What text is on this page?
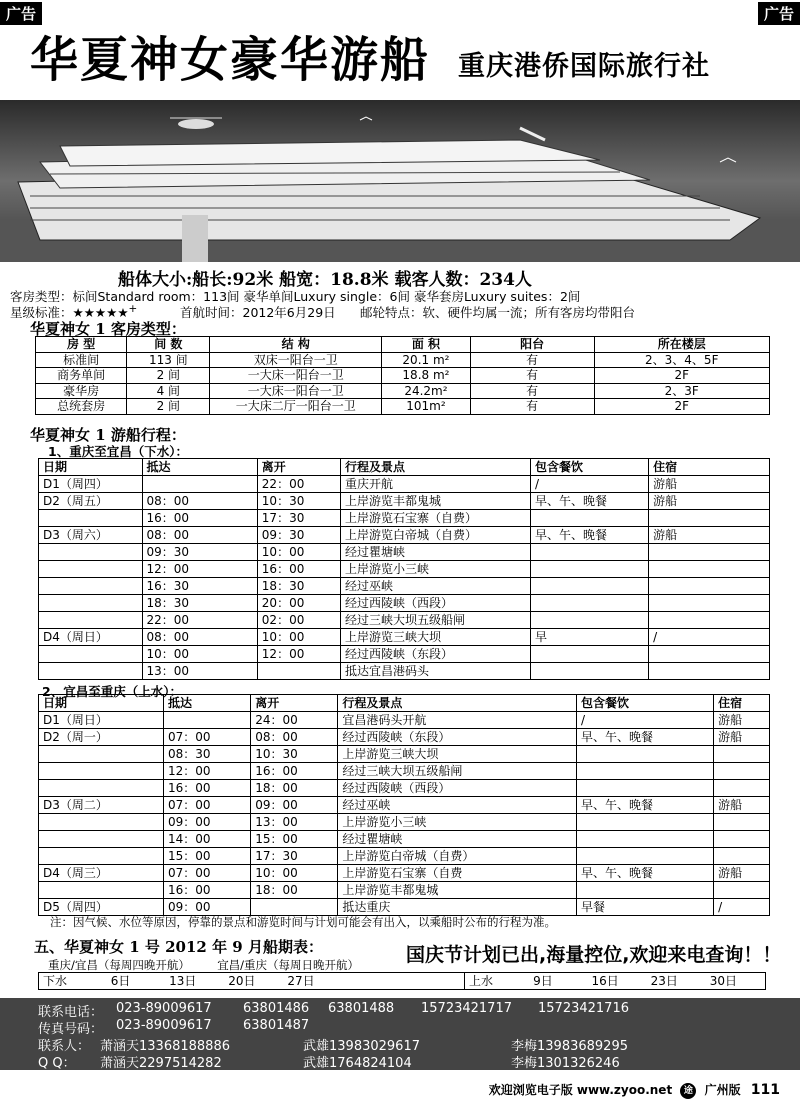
广告	广告
华夏神女豪华游船 重庆港侨国际旅行社
船体大小:船长:92米 船宽：18.8米 载客人数：234人
客房类型：标间Standard room：113间 豪华单间Luxury single：6间 豪华套房Luxury suites：2间
星级标准：★★★★★+	首航时间：2012年6月29日 邮轮特点：软、硬件均属一流；所有客房均带阳台
华夏神女 1 客房类型：
房 型	间 数	结 构	面 积	阳台	所在楼层
标准间	113 间	双床一阳台一卫	20.1 m²	有	2、3、4、5F
商务单间	2 间	一大床一阳台一卫	18.8 m²	有	2F
豪华房	4 间	一大床一阳台一卫	24.2m²	有	2、3F
总统套房	2 间	一大床二厅一阳台一卫	101m²	有	2F
华夏神女 1 游船行程：
1、重庆至宜昌（下水）：
日期	抵达	离开	行程及景点	包含餐饮	住宿
D1（周四）		22：00	重庆开航	/	游船
D2（周五）	08：00	10：30	上岸游览丰都鬼城	早、午、晚餐	游船
	16：00	17：30	上岸游览石宝寨（自费）		
D3（周六）	08：00	09：30	上岸游览白帝城（自费）	早、午、晚餐	游船
	09：30	10：00	经过瞿塘峡		
	12：00	16：00	上岸游览小三峡		
	16：30	18：30	经过巫峡		
	18：30	20：00	经过西陵峡（西段）		
	22：00	02：00	经过三峡大坝五级船闸		
D4（周日）	08：00	10：00	上岸游览三峡大坝	早	/
	10：00	12：00	经过西陵峡（东段）		
	13：00		抵达宜昌港码头		
2、宜昌至重庆（上水）：
日期	抵达	离开	行程及景点	包含餐饮	住宿
D1（周日）		24：00	宜昌港码头开航	/	游船
D2（周一）	07：00	08：00	经过西陵峡（东段）	早、午、晚餐	游船
	08：30	10：30	上岸游览三峡大坝		
	12：00	16：00	经过三峡大坝五级船闸		
	16：00	18：00	经过西陵峡（西段）		
D3（周二）	07：00	09：00	经过巫峡	早、午、晚餐	游船
	09：00	13：00	上岸游览小三峡		
	14：00	15：00	经过瞿塘峡		
	15：00	17：30	上岸游览白帝城（自费）		
D4（周三）	07：00	10：00	上岸游览石宝寨（自费	早、午、晚餐	游船
	16：00	18：00	上岸游览丰都鬼城		
D5（周四）	09：00		抵达重庆	早餐	/
注：因气候、水位等原因，停靠的景点和游览时间与计划可能会有出入，以乘船时公布的行程为准。
五、华夏神女 1 号 2012 年 9 月船期表：	国庆节计划已出,海量控位,欢迎来电查询！！
重庆/宜昌（每周四晚开航） 宜昌/重庆（每周日晚开航）
下水	6日	13日	20日	27日	上水	9日	16日	23日	30日
联系电话： 023-89009617 63801486 63801488 15723421717 15723421716
传真号码： 023-89009617 63801487
联系人： 萧涵天13368188886	武雄13983029617	李梅13983689295
Q Q： 萧涵天2297514282	武雄1764824104	李梅1301326246
欢迎浏览电子版 www.zyoo.net 途 广州版 111
